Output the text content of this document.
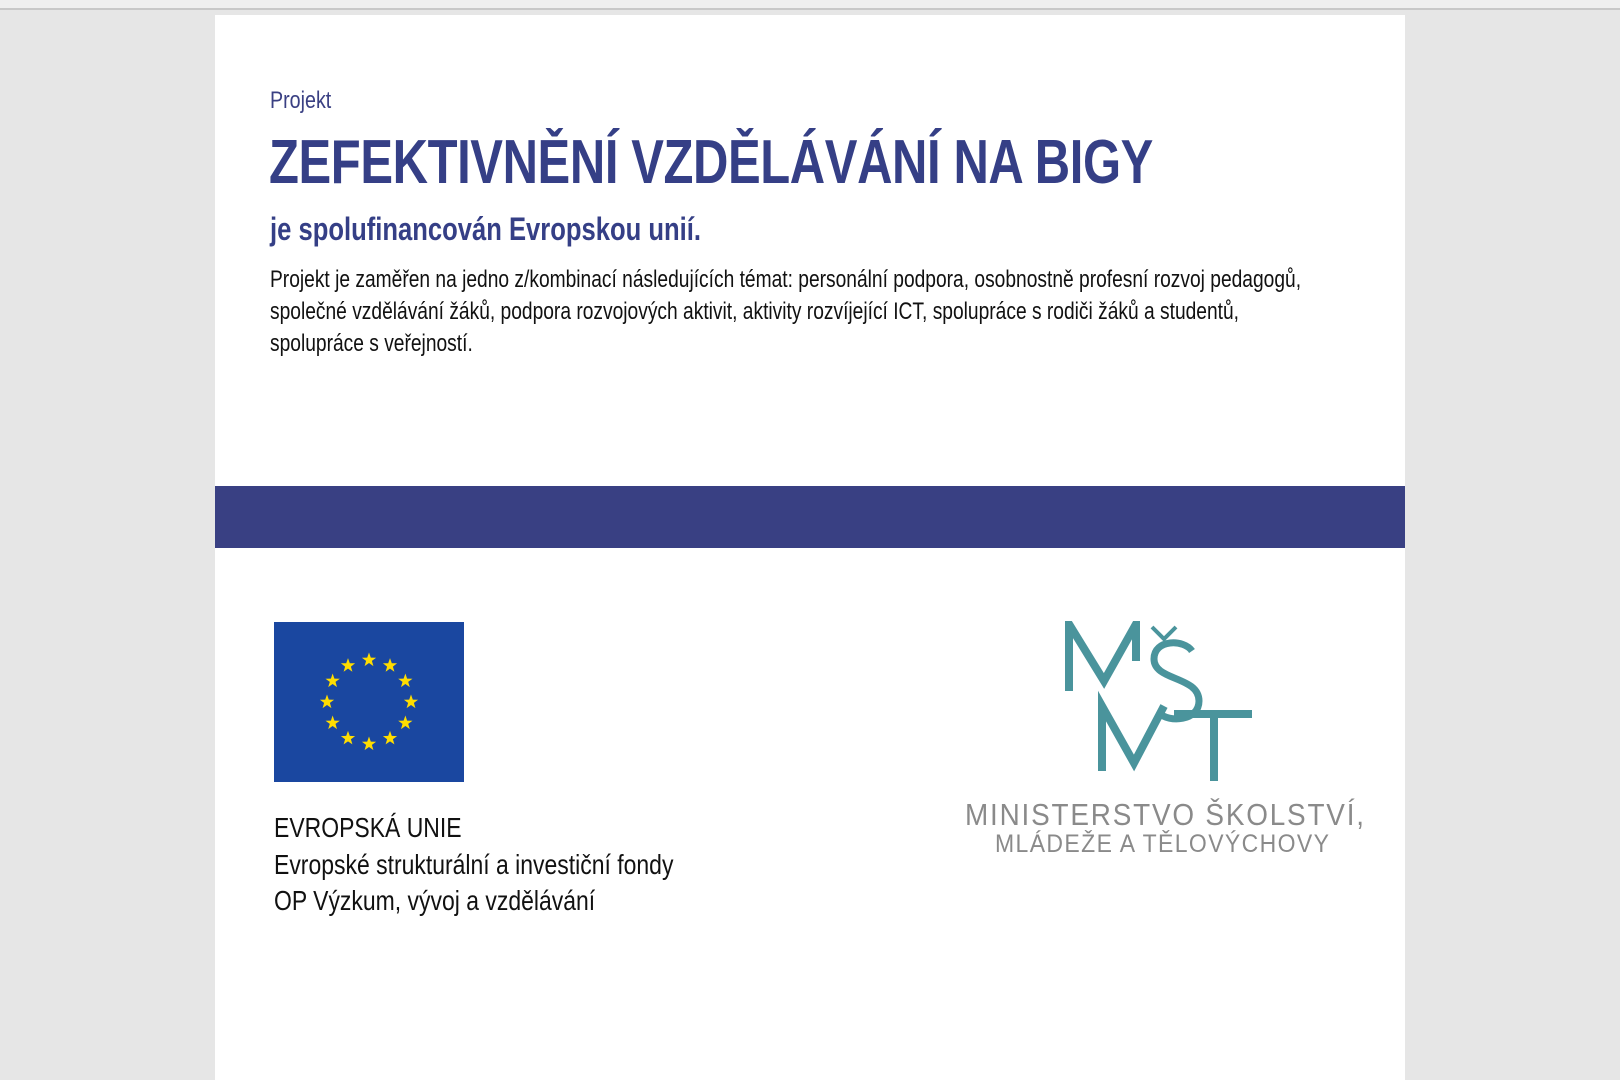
Projekt
ZEFEKTIVNĚNÍ VZDĚLÁVÁNÍ NA BIGY
je spolufinancován Evropskou unií.
Projekt je zaměřen na jedno z/kombinací následujících témat: personální podpora, osobnostně profesní rozvoj pedagogů,
společné vzdělávání žáků, podpora rozvojových aktivit, aktivity rozvíjející ICT, spolupráce s rodiči žáků a studentů,
spolupráce s veřejností.
EVROPSKÁ UNIE
Evropské strukturální a investiční fondy
OP Výzkum, vývoj a vzdělávání
MINISTERSTVO ŠKOLSTVÍ,
MLÁDEŽE A TĚLOVÝCHOVY
